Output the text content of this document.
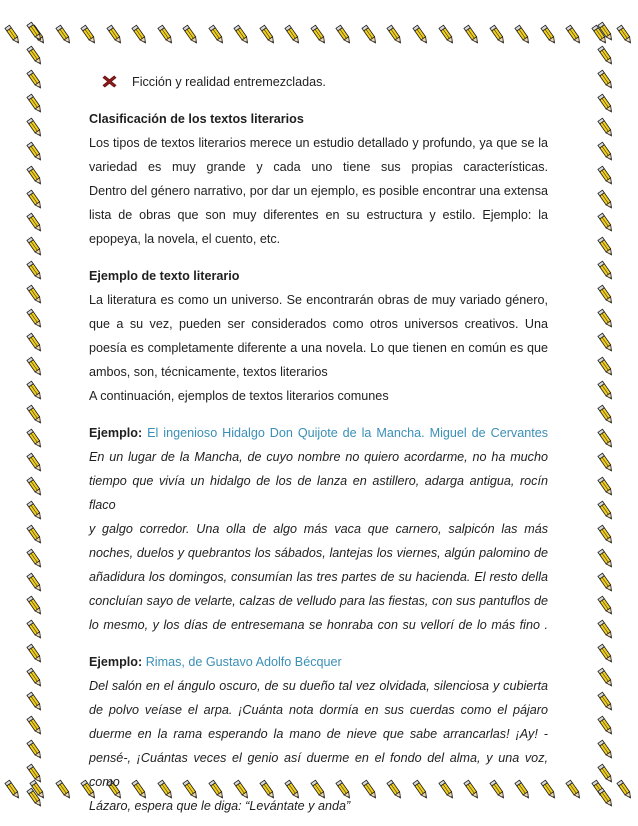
Ficción y realidad entremezcladas.
Clasificación de los textos literarios
Los tipos de textos literarios merece un estudio detallado y profundo, ya que se la
variedad es muy grande y cada uno tiene sus propias características.
Dentro del género narrativo, por dar un ejemplo, es posible encontrar una extensa
lista de obras que son muy diferentes en su estructura y estilo. Ejemplo: la
epopeya, la novela, el cuento, etc.
Ejemplo de texto literario
La literatura es como un universo. Se encontrarán obras de muy variado género,
que a su vez, pueden ser considerados como otros universos creativos. Una
poesía es completamente diferente a una novela. Lo que tienen en común es que
ambos, son, técnicamente, textos literarios
A continuación, ejemplos de textos literarios comunes
Ejemplo: El ingenioso Hidalgo Don Quijote de la Mancha. Miguel de Cervantes
En un lugar de la Mancha, de cuyo nombre no quiero acordarme, no ha mucho
tiempo que vivía un hidalgo de los de lanza en astillero, adarga antigua, rocín flaco
y galgo corredor. Una olla de algo más vaca que carnero, salpicón las más
noches, duelos y quebrantos los sábados, lantejas los viernes, algún palomino de
añadidura los domingos, consumían las tres partes de su hacienda. El resto della
concluían sayo de velarte, calzas de velludo para las fiestas, con sus pantuflos de
lo mesmo, y los días de entresemana se honraba con su vellorí de lo más fino .
Ejemplo: Rimas, de Gustavo Adolfo Bécquer
Del salón en el ángulo oscuro, de su dueño tal vez olvidada, silenciosa y cubierta
de polvo veíase el arpa. ¡Cuánta nota dormía en sus cuerdas como el pájaro
duerme en la rama esperando la mano de nieve que sabe arrancarlas! ¡Ay! -
pensé-, ¡Cuántas veces el genio así duerme en el fondo del alma, y una voz, como
Lázaro, espera que le diga: “Levántate y anda”
